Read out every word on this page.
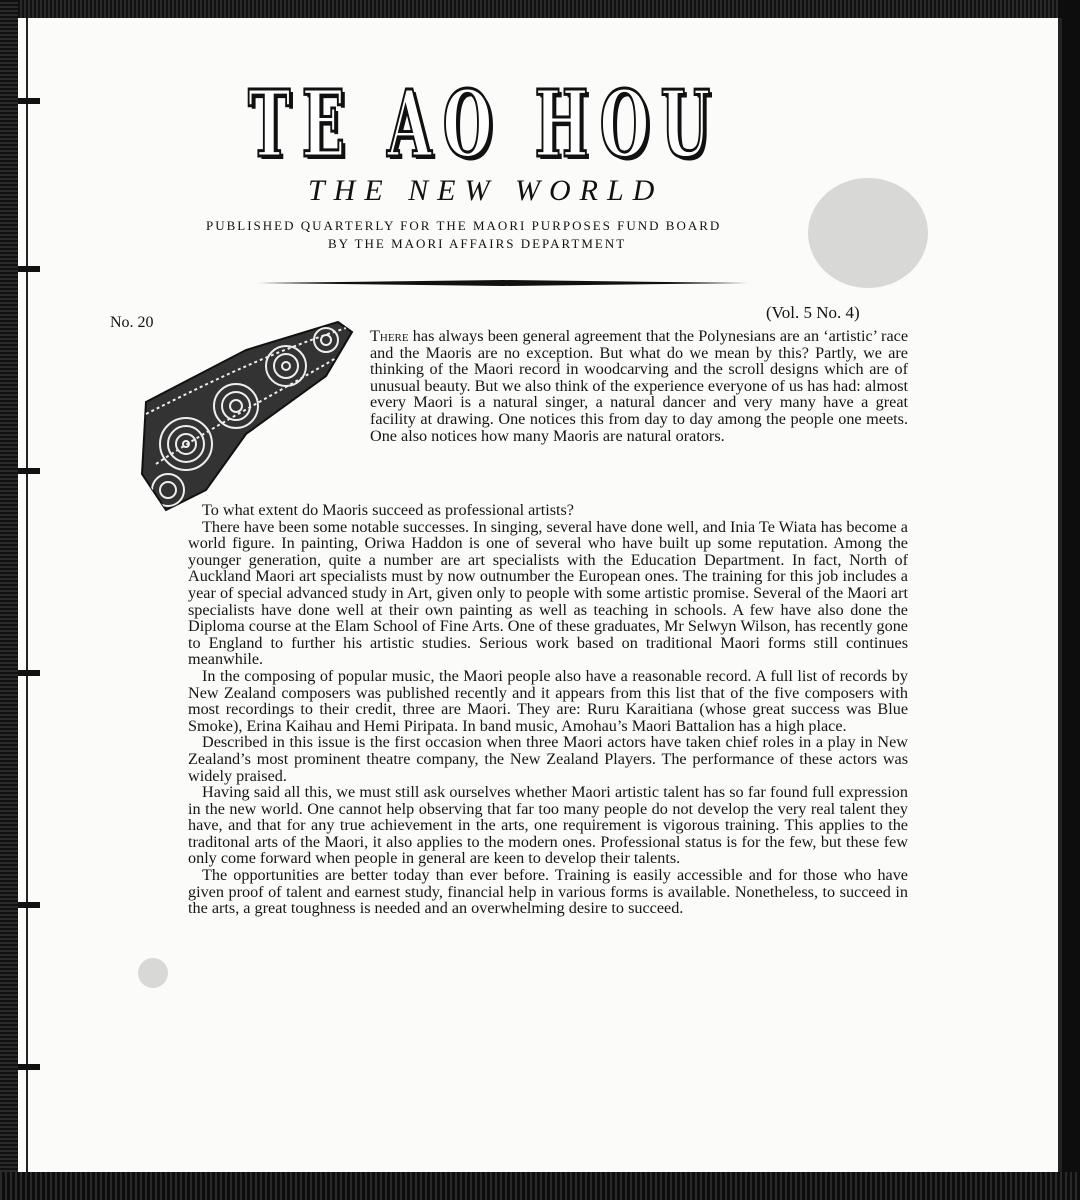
TE AO HOU
THE NEW WORLD
PUBLISHED QUARTERLY FOR THE MAORI PURPOSES FUND BOARD
BY THE MAORI AFFAIRS DEPARTMENT
No. 20
(Vol. 5 No. 4)
There has always been general agreement that the Polynesians are an ‘artistic’ race and the Maoris are no exception. But what do we mean by this? Partly, we are thinking of the Maori record in woodcarving and the scroll designs which are of unusual beauty. But we also think of the experience everyone of us has had: almost every Maori is a natural singer, a natural dancer and very many have a great facility at drawing. One notices this from day to day among the people one meets. One also notices how many Maoris are natural orators.

To what extent do Maoris succeed as professional artists?

There have been some notable successes. In singing, several have done well, and Inia Te Wiata has become a world figure. In painting, Oriwa Haddon is one of several who have built up some reputation. Among the younger generation, quite a number are art specialists with the Education Department. In fact, North of Auckland Maori art specialists must by now outnumber the European ones. The training for this job includes a year of special advanced study in Art, given only to people with some artistic promise. Several of the Maori art specialists have done well at their own painting as well as teaching in schools. A few have also done the Diploma course at the Elam School of Fine Arts. One of these graduates, Mr Selwyn Wilson, has recently gone to England to further his artistic studies. Serious work based on traditional Maori forms still continues meanwhile.

In the composing of popular music, the Maori people also have a reasonable record. A full list of records by New Zealand composers was published recently and it appears from this list that of the five composers with most recordings to their credit, three are Maori. They are: Ruru Karaitiana (whose great success was Blue Smoke), Erina Kaihau and Hemi Piripata. In band music, Amohau’s Maori Battalion has a high place.

Described in this issue is the first occasion when three Maori actors have taken chief roles in a play in New Zealand’s most prominent theatre company, the New Zealand Players. The performance of these actors was widely praised.

Having said all this, we must still ask ourselves whether Maori artistic talent has so far found full expression in the new world. One cannot help observing that far too many people do not develop the very real talent they have, and that for any true achievement in the arts, one requirement is vigorous training. This applies to the traditonal arts of the Maori, it also applies to the modern ones. Professional status is for the few, but these few only come forward when people in general are keen to develop their talents.

The opportunities are better today than ever before. Training is easily accessible and for those who have given proof of talent and earnest study, financial help in various forms is available. Nonetheless, to succeed in the arts, a great toughness is needed and an overwhelming desire to succeed.
